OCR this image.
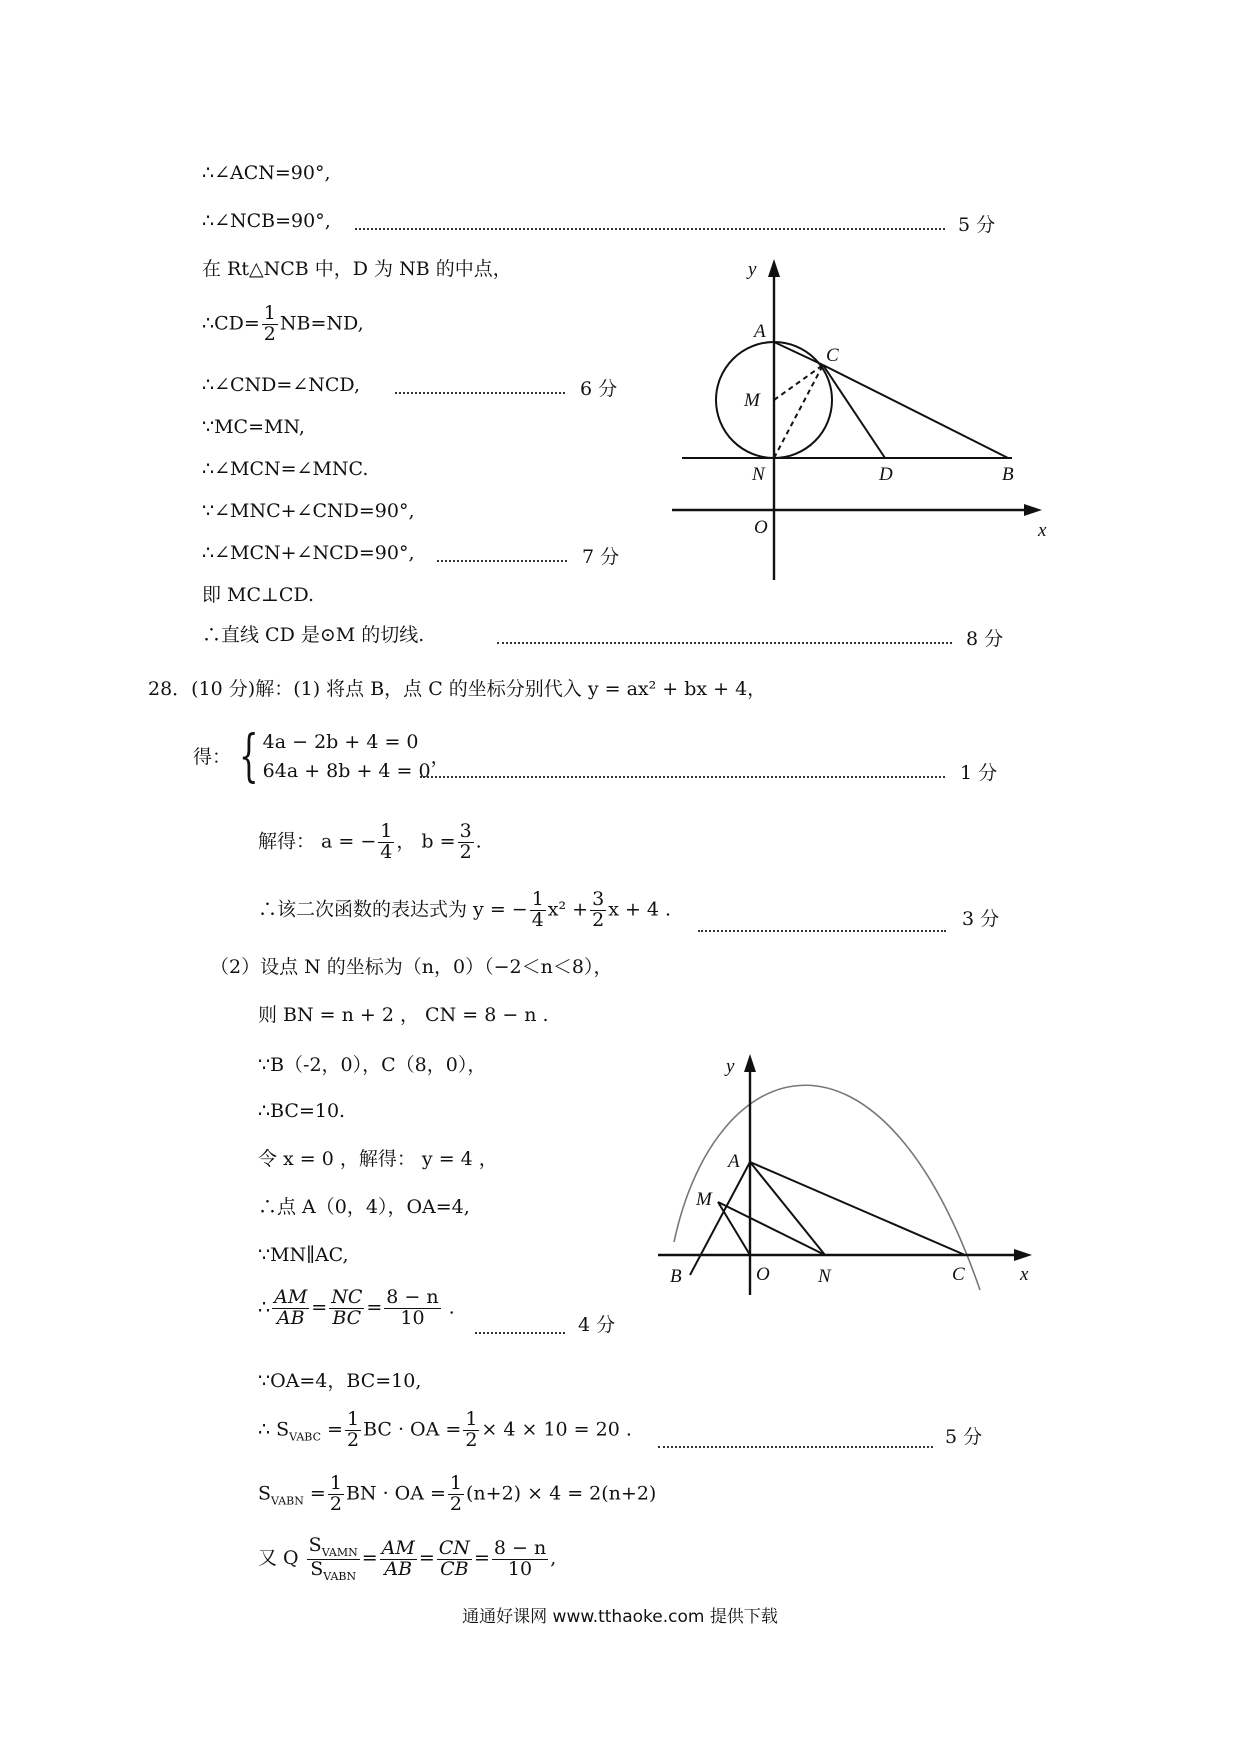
∴∠ACN=90°,
∴∠NCB=90°,	5 分
在 Rt△NCB 中，D 为 NB 的中点，
∴CD= $\frac{1}{2} NB=ND$,
∴∠CND=∠NCD,	6 分
∵MC=MN,
∴∠MCN=∠MNC.
∵∠MNC+∠CND=90°,
∴∠MCN+∠NCD=90°,	7 分
即 MC⊥CD.
∴直线 CD 是⊙M 的切线.	8 分
y
A
C
M
N	D	B
O	x
28．(10 分)解：(1) 将点 B，点 C 的坐标分别代入 y = ax² + bx + 4，
得： { 4a − 2b + 4 = 0
64a + 8b + 4 = 0
，
1 分
解得： a = − $\frac{1}{4}$ ， $b = \frac{3}{2}$ .
∴该二次函数的表达式为 y = − $\frac{1}{4} x^2 + \frac{3}{2}$ x + 4 .	3 分
（2）设点 N 的坐标为（n，0）（−2＜n＜8），
则 BN = n + 2 ， CN = 8 − n .
∵B（-2，0），C（8，0），
∴BC=10.
令 x = 0 ，解得： y = 4 ，
∴点 A（0，4），OA=4,
∵MN∥AC,
∴ $\frac{AM}{AB} = \frac{NC}{BC} = \frac{8 - n}{10}$ .
4 分
∵OA=4，BC=10,
∴ $S_{VABC} = \frac{1}{2}$ BC · OA = $\frac{1}{2} \times 4 \times 10 = 20$ .	5 分
$S_{VABN} = \frac{1}{2}$ BN · OA = $\frac{1}{2} (n+2) \times 4 = 2(n+2)$
又 Q $\frac{S_{VAMN}}{S_{VABN}} = \frac{AM}{AB} = \frac{CN}{CB} = \frac{8 - n}{10}$ ,
y
A
M
B	O	N	C	x
通通好课网 www.tthaoke.com 提供下载
